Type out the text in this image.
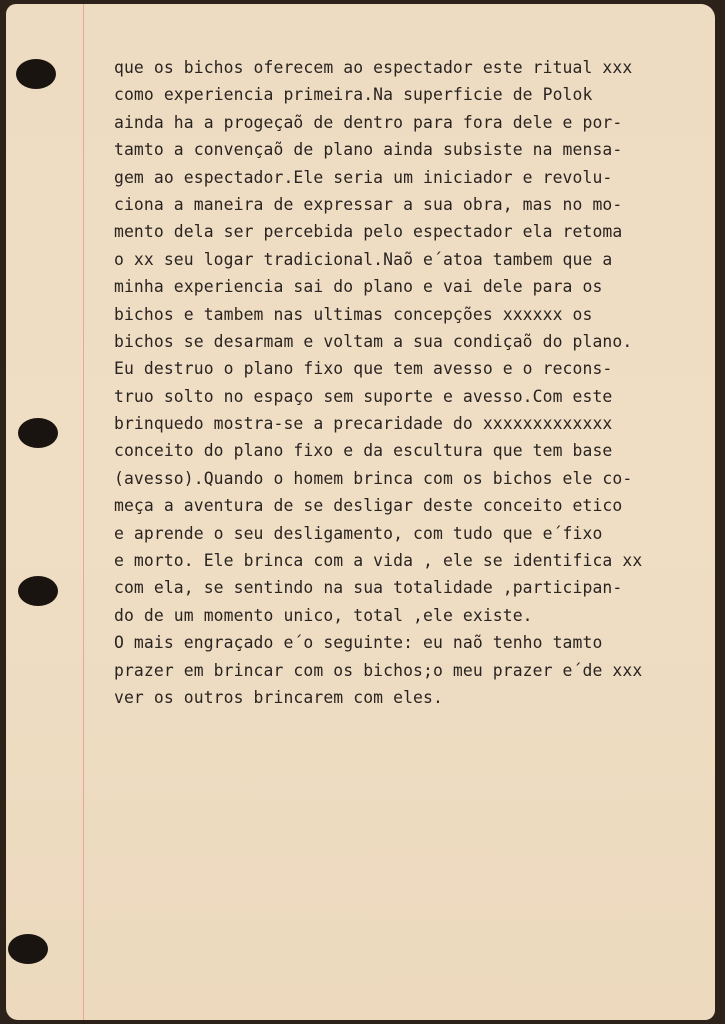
que os bichos oferecem ao espectador este ritual xxx
como experiencia primeira.Na superficie de Polok
ainda ha a progeçaõ de dentro para fora dele e por-
tamto a convençaõ de plano ainda subsiste na mensa-
gem ao espectador.Ele seria um iniciador e revolu-
ciona a maneira de expressar a sua obra, mas no mo-
mento dela ser percebida pelo espectador ela retoma
o xx seu logar tradicional.Naõ e´atoa tambem que a
minha experiencia sai do plano e vai dele para os
bichos e tambem nas ultimas concepções xxxxxx os
bichos se desarmam e voltam a sua condiçaõ do plano.
Eu destruo o plano fixo que tem avesso e o recons-
truo solto no espaço sem suporte e avesso.Com este
brinquedo mostra-se a precaridade do xxxxxxxxxxxxx
conceito do plano fixo e da escultura que tem base
(avesso).Quando o homem brinca com os bichos ele co-
meça a aventura de se desligar deste conceito etico
e aprende o seu desligamento, com tudo que e´fixo
e morto. Ele brinca com a vida , ele se identifica xx
com ela, se sentindo na sua totalidade ,participan-
do de um momento unico, total ,ele existe.
O mais engraçado e´o seguinte: eu naõ tenho tamto
prazer em brincar com os bichos;o meu prazer e´de xxx
ver os outros brincarem com eles.
